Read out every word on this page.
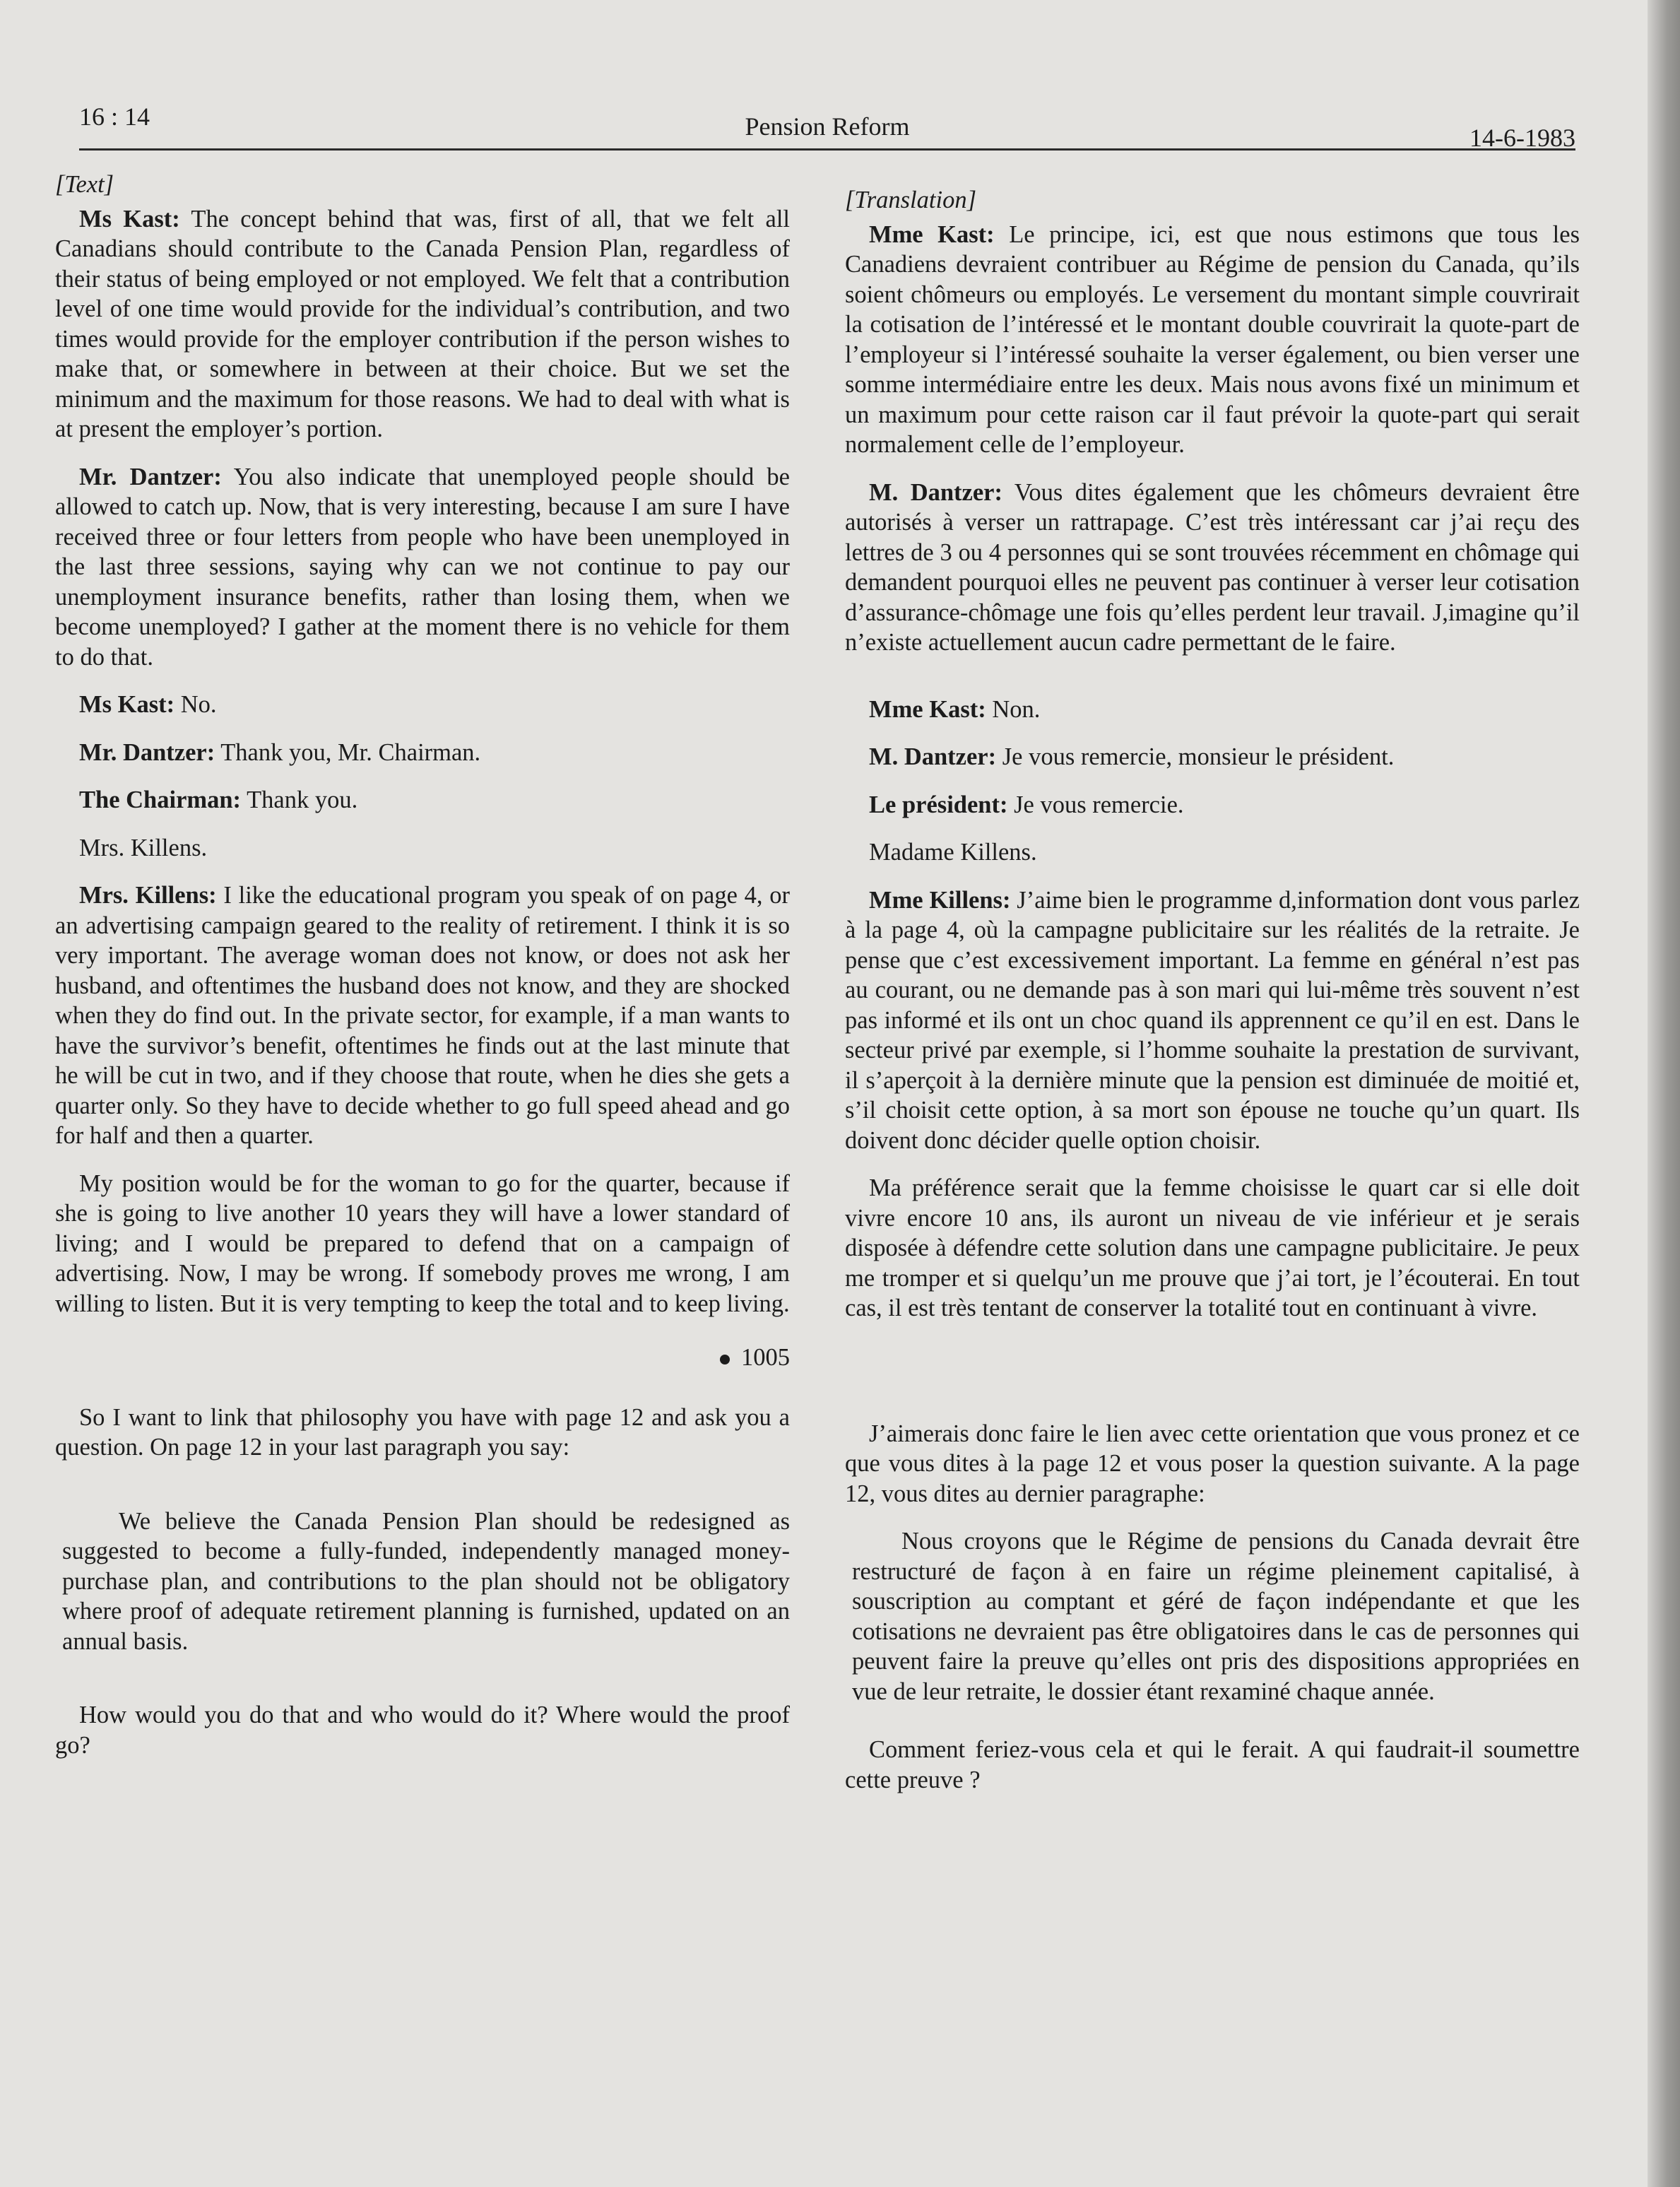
16 : 14	Pension Reform	14-6-1983

[Text]

Ms Kast: The concept behind that was, first of all, that we felt all Canadians should contribute to the Canada Pension Plan, regardless of their status of being employed or not employed. We felt that a contribution level of one time would provide for the individual’s contribution, and two times would provide for the employer contribution if the person wishes to make that, or somewhere in between at their choice. But we set the minimum and the maximum for those reasons. We had to deal with what is at present the employer’s portion.

Mr. Dantzer: You also indicate that unemployed people should be allowed to catch up. Now, that is very interesting, because I am sure I have received three or four letters from people who have been unemployed in the last three sessions, saying why can we not continue to pay our unemployment insurance benefits, rather than losing them, when we become unemployed? I gather at the moment there is no vehicle for them to do that.

Ms Kast: No.

Mr. Dantzer: Thank you, Mr. Chairman.

The Chairman: Thank you.

Mrs. Killens.

Mrs. Killens: I like the educational program you speak of on page 4, or an advertising campaign geared to the reality of retirement. I think it is so very important. The average woman does not know, or does not ask her husband, and oftentimes the husband does not know, and they are shocked when they do find out. In the private sector, for example, if a man wants to have the survivor’s benefit, oftentimes he finds out at the last minute that he will be cut in two, and if they choose that route, when he dies she gets a quarter only. So they have to decide whether to go full speed ahead and go for half and then a quarter.

My position would be for the woman to go for the quarter, because if she is going to live another 10 years they will have a lower standard of living; and I would be prepared to defend that on a campaign of advertising. Now, I may be wrong. If somebody proves me wrong, I am willing to listen. But it is very tempting to keep the total and to keep living.

1005

So I want to link that philosophy you have with page 12 and ask you a question. On page 12 in your last paragraph you say:

We believe the Canada Pension Plan should be redesigned as suggested to become a fully-funded, independently managed money-purchase plan, and contributions to the plan should not be obligatory where proof of adequate retirement planning is furnished, updated on an annual basis.

How would you do that and who would do it? Where would the proof go?

[Translation]

Mme Kast: Le principe, ici, est que nous estimons que tous les Canadiens devraient contribuer au Régime de pension du Canada, qu’ils soient chômeurs ou employés. Le versement du montant simple couvrirait la cotisation de l’intéressé et le montant double couvrirait la quote-part de l’employeur si l’intéressé souhaite la verser également, ou bien verser une somme intermédiaire entre les deux. Mais nous avons fixé un minimum et un maximum pour cette raison car il faut prévoir la quote-part qui serait normalement celle de l’employeur.

M. Dantzer: Vous dites également que les chômeurs devraient être autorisés à verser un rattrapage. C’est très intéressant car j’ai reçu des lettres de 3 ou 4 personnes qui se sont trouvées récemment en chômage qui demandent pourquoi elles ne peuvent pas continuer à verser leur cotisation d’assurance-chômage une fois qu’elles perdent leur travail. J,imagine qu’il n’existe actuellement aucun cadre permettant de le faire.

Mme Kast: Non.

M. Dantzer: Je vous remercie, monsieur le président.

Le président: Je vous remercie.

Madame Killens.

Mme Killens: J’aime bien le programme d,information dont vous parlez à la page 4, où la campagne publicitaire sur les réalités de la retraite. Je pense que c’est excessivement important. La femme en général n’est pas au courant, ou ne demande pas à son mari qui lui-même très souvent n’est pas informé et ils ont un choc quand ils apprennent ce qu’il en est. Dans le secteur privé par exemple, si l’homme souhaite la prestation de survivant, il s’aperçoit à la dernière minute que la pension est diminuée de moitié et, s’il choisit cette option, à sa mort son épouse ne touche qu’un quart. Ils doivent donc décider quelle option choisir.

Ma préférence serait que la femme choisisse le quart car si elle doit vivre encore 10 ans, ils auront un niveau de vie inférieur et je serais disposée à défendre cette solution dans une campagne publicitaire. Je peux me tromper et si quelqu’un me prouve que j’ai tort, je l’écouterai. En tout cas, il est très tentant de conserver la totalité tout en continuant à vivre.

J’aimerais donc faire le lien avec cette orientation que vous pronez et ce que vous dites à la page 12 et vous poser la question suivante. A la page 12, vous dites au dernier paragraphe:

Nous croyons que le Régime de pensions du Canada devrait être restructuré de façon à en faire un régime pleinement capitalisé, à souscription au comptant et géré de façon indépendante et que les cotisations ne devraient pas être obligatoires dans le cas de personnes qui peuvent faire la preuve qu’elles ont pris des dispositions appropriées en vue de leur retraite, le dossier étant rexaminé chaque année.

Comment feriez-vous cela et qui le ferait. A qui faudrait-il soumettre cette preuve ?
